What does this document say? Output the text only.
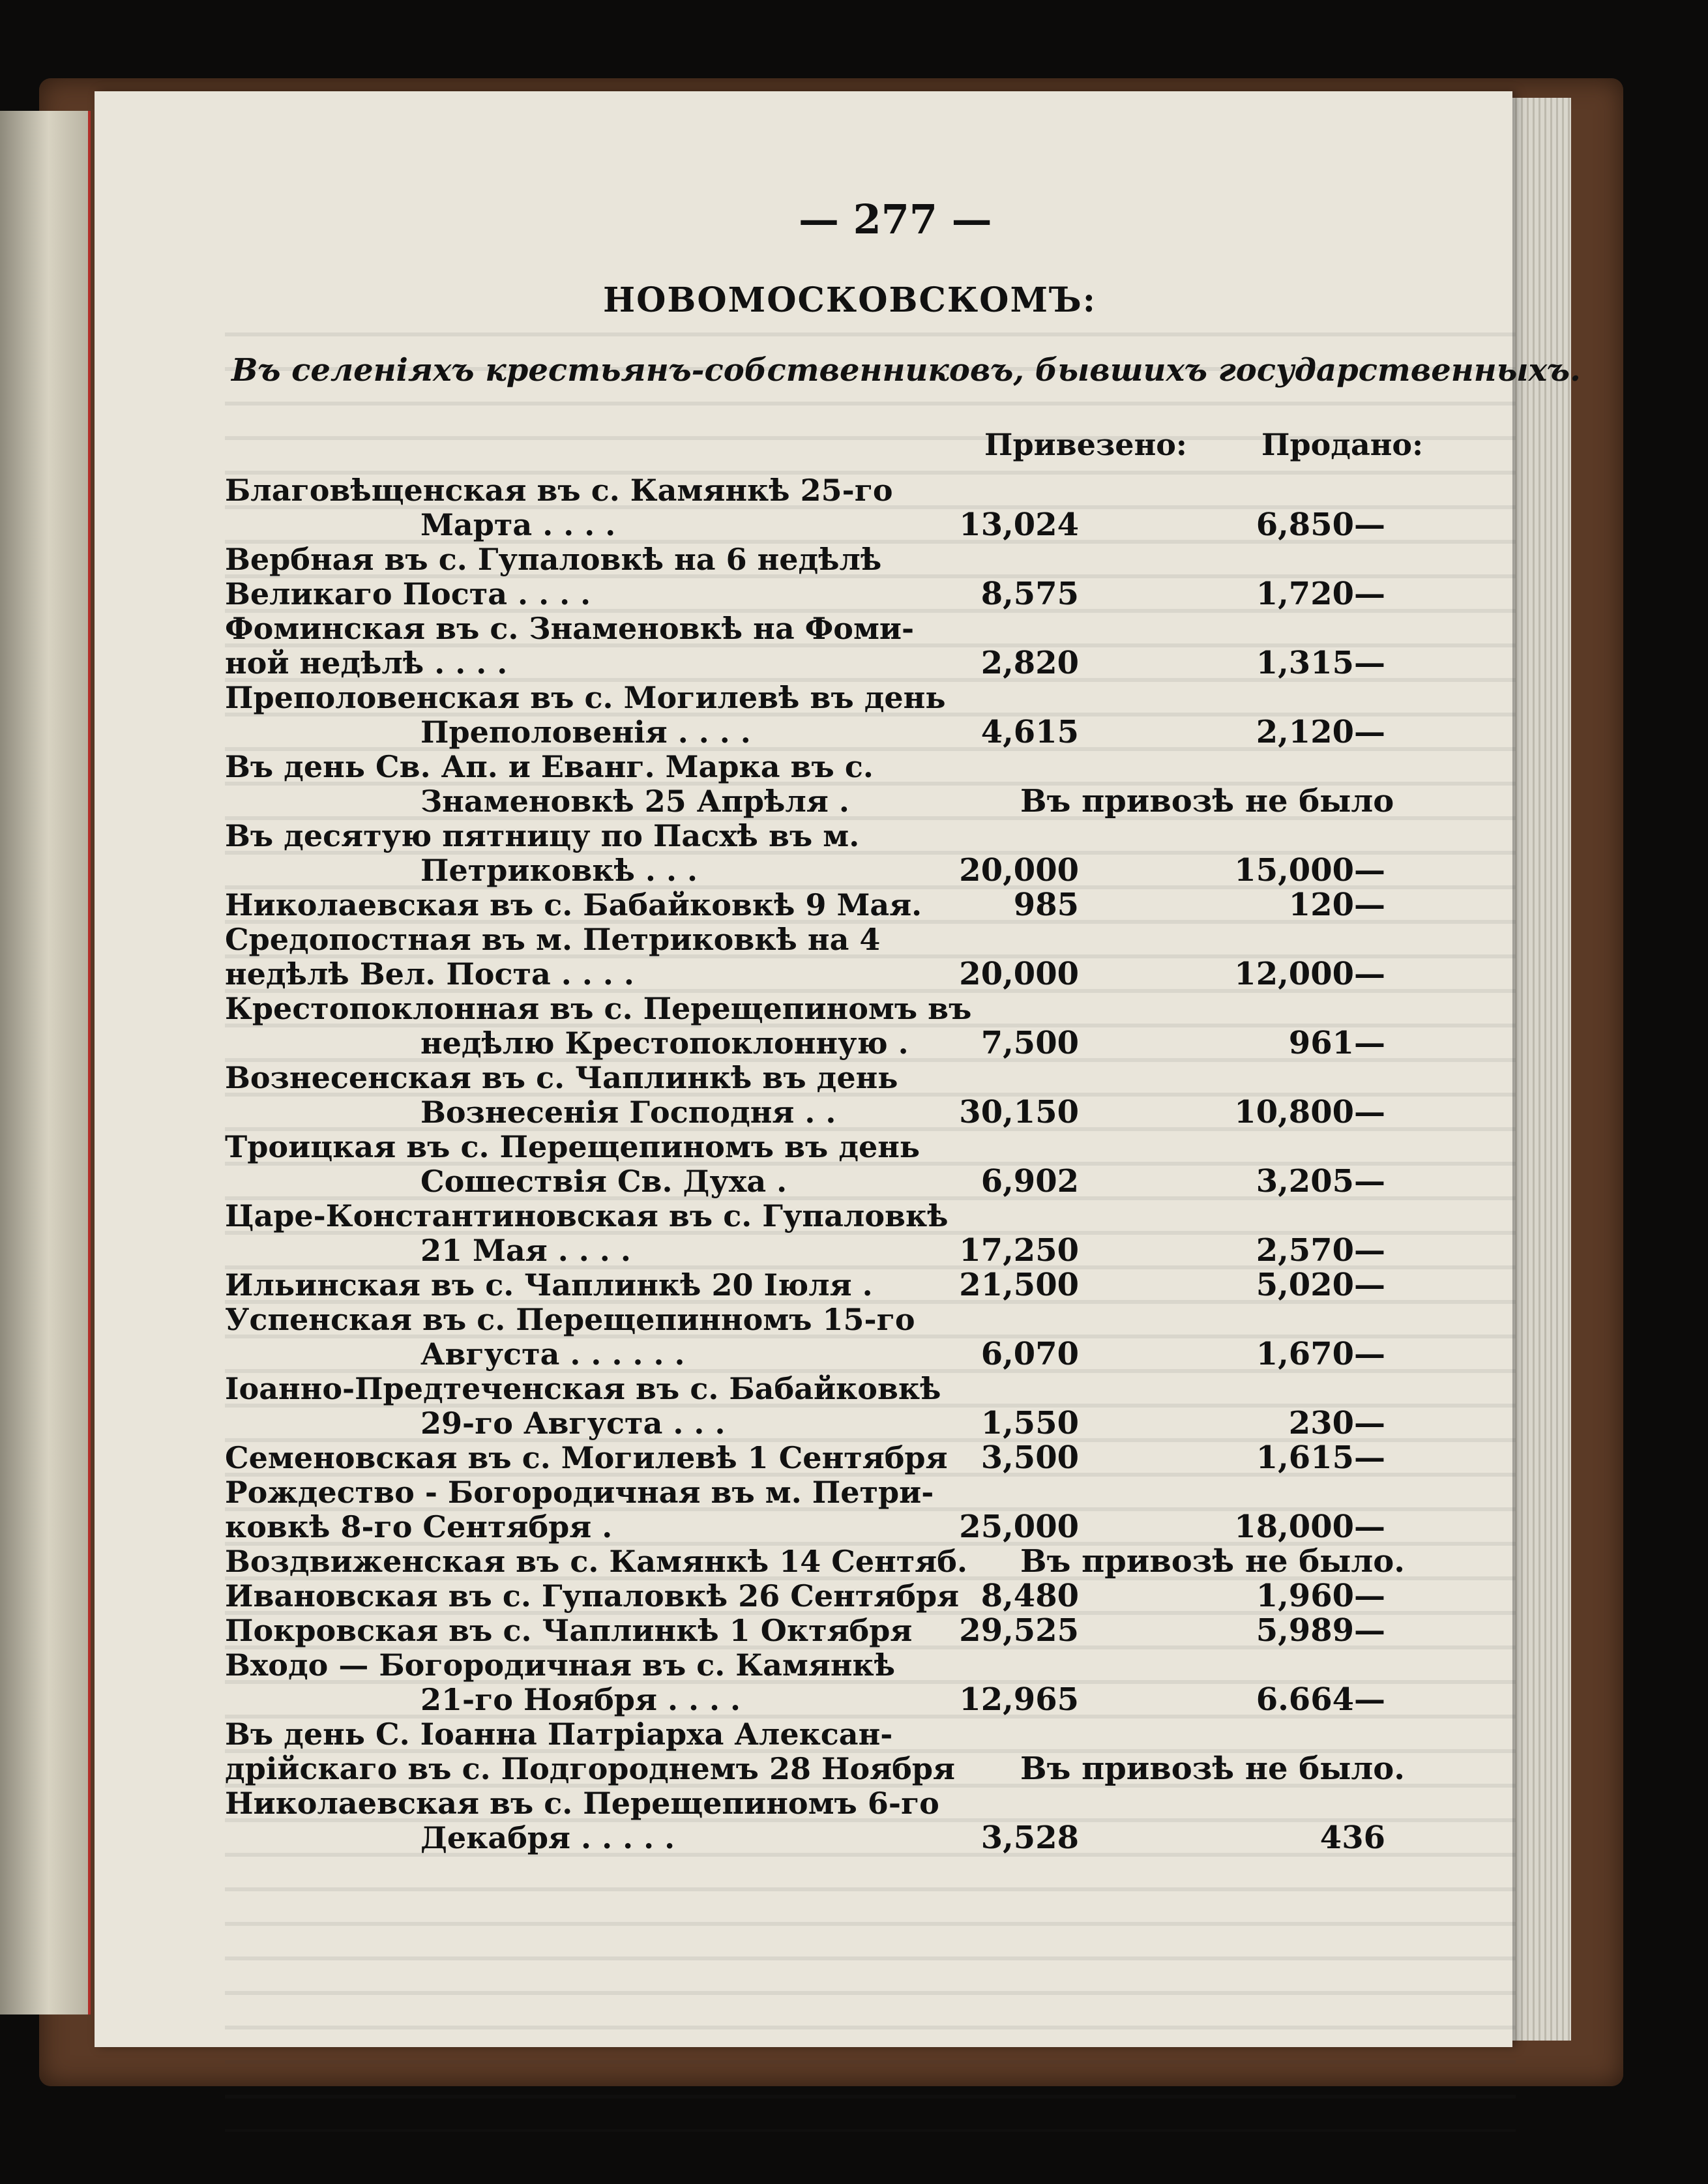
— 277 —
НОВОМОСКОВСКОМЪ:
Въ селеніяхъ крестьянъ-собственниковъ, бывшихъ государственныхъ.
Привезено: Продано:
Благовѣщенская въ с. Камянкѣ 25-го
Марта . . . .	13,024	6,850—
Вербная въ с. Гупаловкѣ на 6 недѣлѣ
Великаго Поста . . . .	8,575	1,720—
Фоминская въ с. Знаменовкѣ на Фоми-
ной недѣлѣ . . . .	2,820	1,315—
Преполовенская въ с. Могилевѣ въ день
Преполовенія . . . .	4,615	2,120—
Въ день Св. Ап. и Еванг. Марка въ с.
Знаменовкѣ 25 Апрѣля .	Въ привозѣ не было
Въ десятую пятницу по Пасхѣ въ м.
Петриковкѣ . . .	20,000	15,000—
Николаевская въ с. Бабайковкѣ 9 Мая.	985	120—
Средопостная въ м. Петриковкѣ на 4
недѣлѣ Вел. Поста . . . .	20,000	12,000—
Крестопоклонная въ с. Перещепиномъ въ
недѣлю Крестопоклонную .	7,500	961—
Вознесенская въ с. Чаплинкѣ въ день
Вознесенія Господня . .	30,150	10,800—
Троицкая въ с. Перещепиномъ въ день
Сошествія Св. Духа .	6,902	3,205—
Царе-Константиновская въ с. Гупаловкѣ
21 Мая . . . .	17,250	2,570—
Ильинская въ с. Чаплинкѣ 20 Іюля .	21,500	5,020—
Успенская въ с. Перещепинномъ 15-го
Августа . . . . . .	6,070	1,670—
Іоанно-Предтеченская въ с. Бабайковкѣ
29-го Августа . . .	1,550	230—
Семеновская въ с. Могилевѣ 1 Сентября	3,500	1,615—
Рождество - Богородичная въ м. Петри-
ковкѣ 8-го Сентября .	25,000	18,000—
Воздвиженская въ с. Камянкѣ 14 Сентяб. Въ привозѣ не было.
Ивановская въ с. Гупаловкѣ 26 Сентября 8,480	1,960—
Покровская въ с. Чаплинкѣ 1 Октября	29,525	5,989—
Входо — Богородичная въ с. Камянкѣ
21-го Ноября . . . .	12,965	6.664—
Въ день С. Іоанна Патріарха Алексан-
дрійскаго въ с. Подгороднемъ 28 Ноября Въ привозѣ не было.
Николаевская въ с. Перещепиномъ 6-го
Декабря . . . . .	3,528	436
